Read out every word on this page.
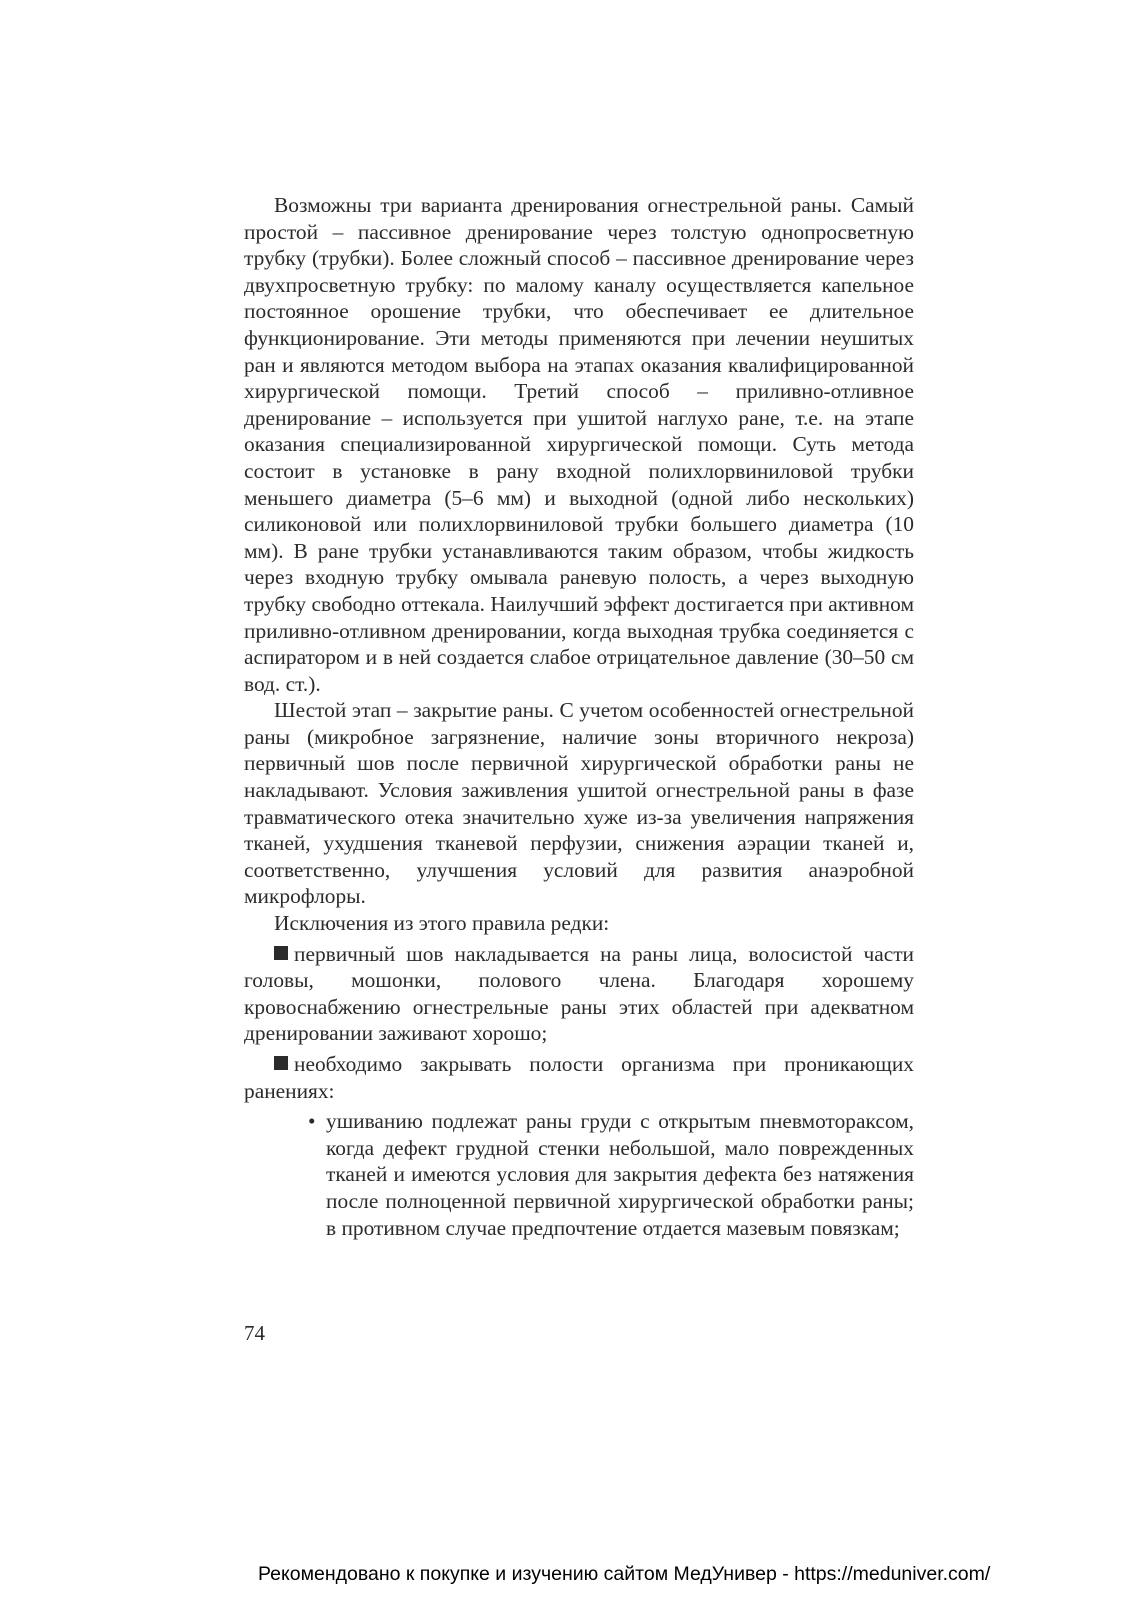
Возможны три варианта дренирования огнестрельной раны. Самый простой – пассивное дренирование через толстую однопросветную трубку (трубки). Более сложный способ – пассивное дренирование через двухпросветную трубку: по малому каналу осуществляется капельное постоянное орошение трубки, что обеспечивает ее длительное функционирование. Эти методы применяются при лечении неушитых ран и являются методом выбора на этапах оказания квалифицированной хирургической помощи. Третий способ – приливно-отливное дренирование – используется при ушитой наглухо ране, т.е. на этапе оказания специализированной хирургической помощи. Суть метода состоит в установке в рану входной полихлорвиниловой трубки меньшего диаметра (5–6 мм) и выходной (одной либо нескольких) силиконовой или полихлорвиниловой трубки большего диаметра (10 мм). В ране трубки устанавливаются таким образом, чтобы жидкость через входную трубку омывала раневую полость, а через выходную трубку свободно оттекала. Наилучший эффект достигается при активном приливно-отливном дренировании, когда выходная трубка соединяется с аспиратором и в ней создается слабое отрицательное давление (30–50 см вод. ст.).

Шестой этап – закрытие раны. С учетом особенностей огнестрельной раны (микробное загрязнение, наличие зоны вторичного некроза) первичный шов после первичной хирургической обработки раны не накладывают. Условия заживления ушитой огнестрельной раны в фазе травматического отека значительно хуже из-за увеличения напряжения тканей, ухудшения тканевой перфузии, снижения аэрации тканей и, соответственно, улучшения условий для развития анаэробной микрофлоры.

Исключения из этого правила редки:

первичный шов накладывается на раны лица, волосистой части головы, мошонки, полового члена. Благодаря хорошему кровоснабжению огнестрельные раны этих областей при адекватном дренировании заживают хорошо;

необходимо закрывать полости организма при проникающих ранениях:

• ушиванию подлежат раны груди с открытым пневмотораксом, когда дефект грудной стенки небольшой, мало поврежденных тканей и имеются условия для закрытия дефекта без натяжения после полноценной первичной хирургической обработки раны; в противном случае предпочтение отдается мазевым повязкам;

74

Рекомендовано к покупке и изучению сайтом МедУнивер - https://meduniver.com/
